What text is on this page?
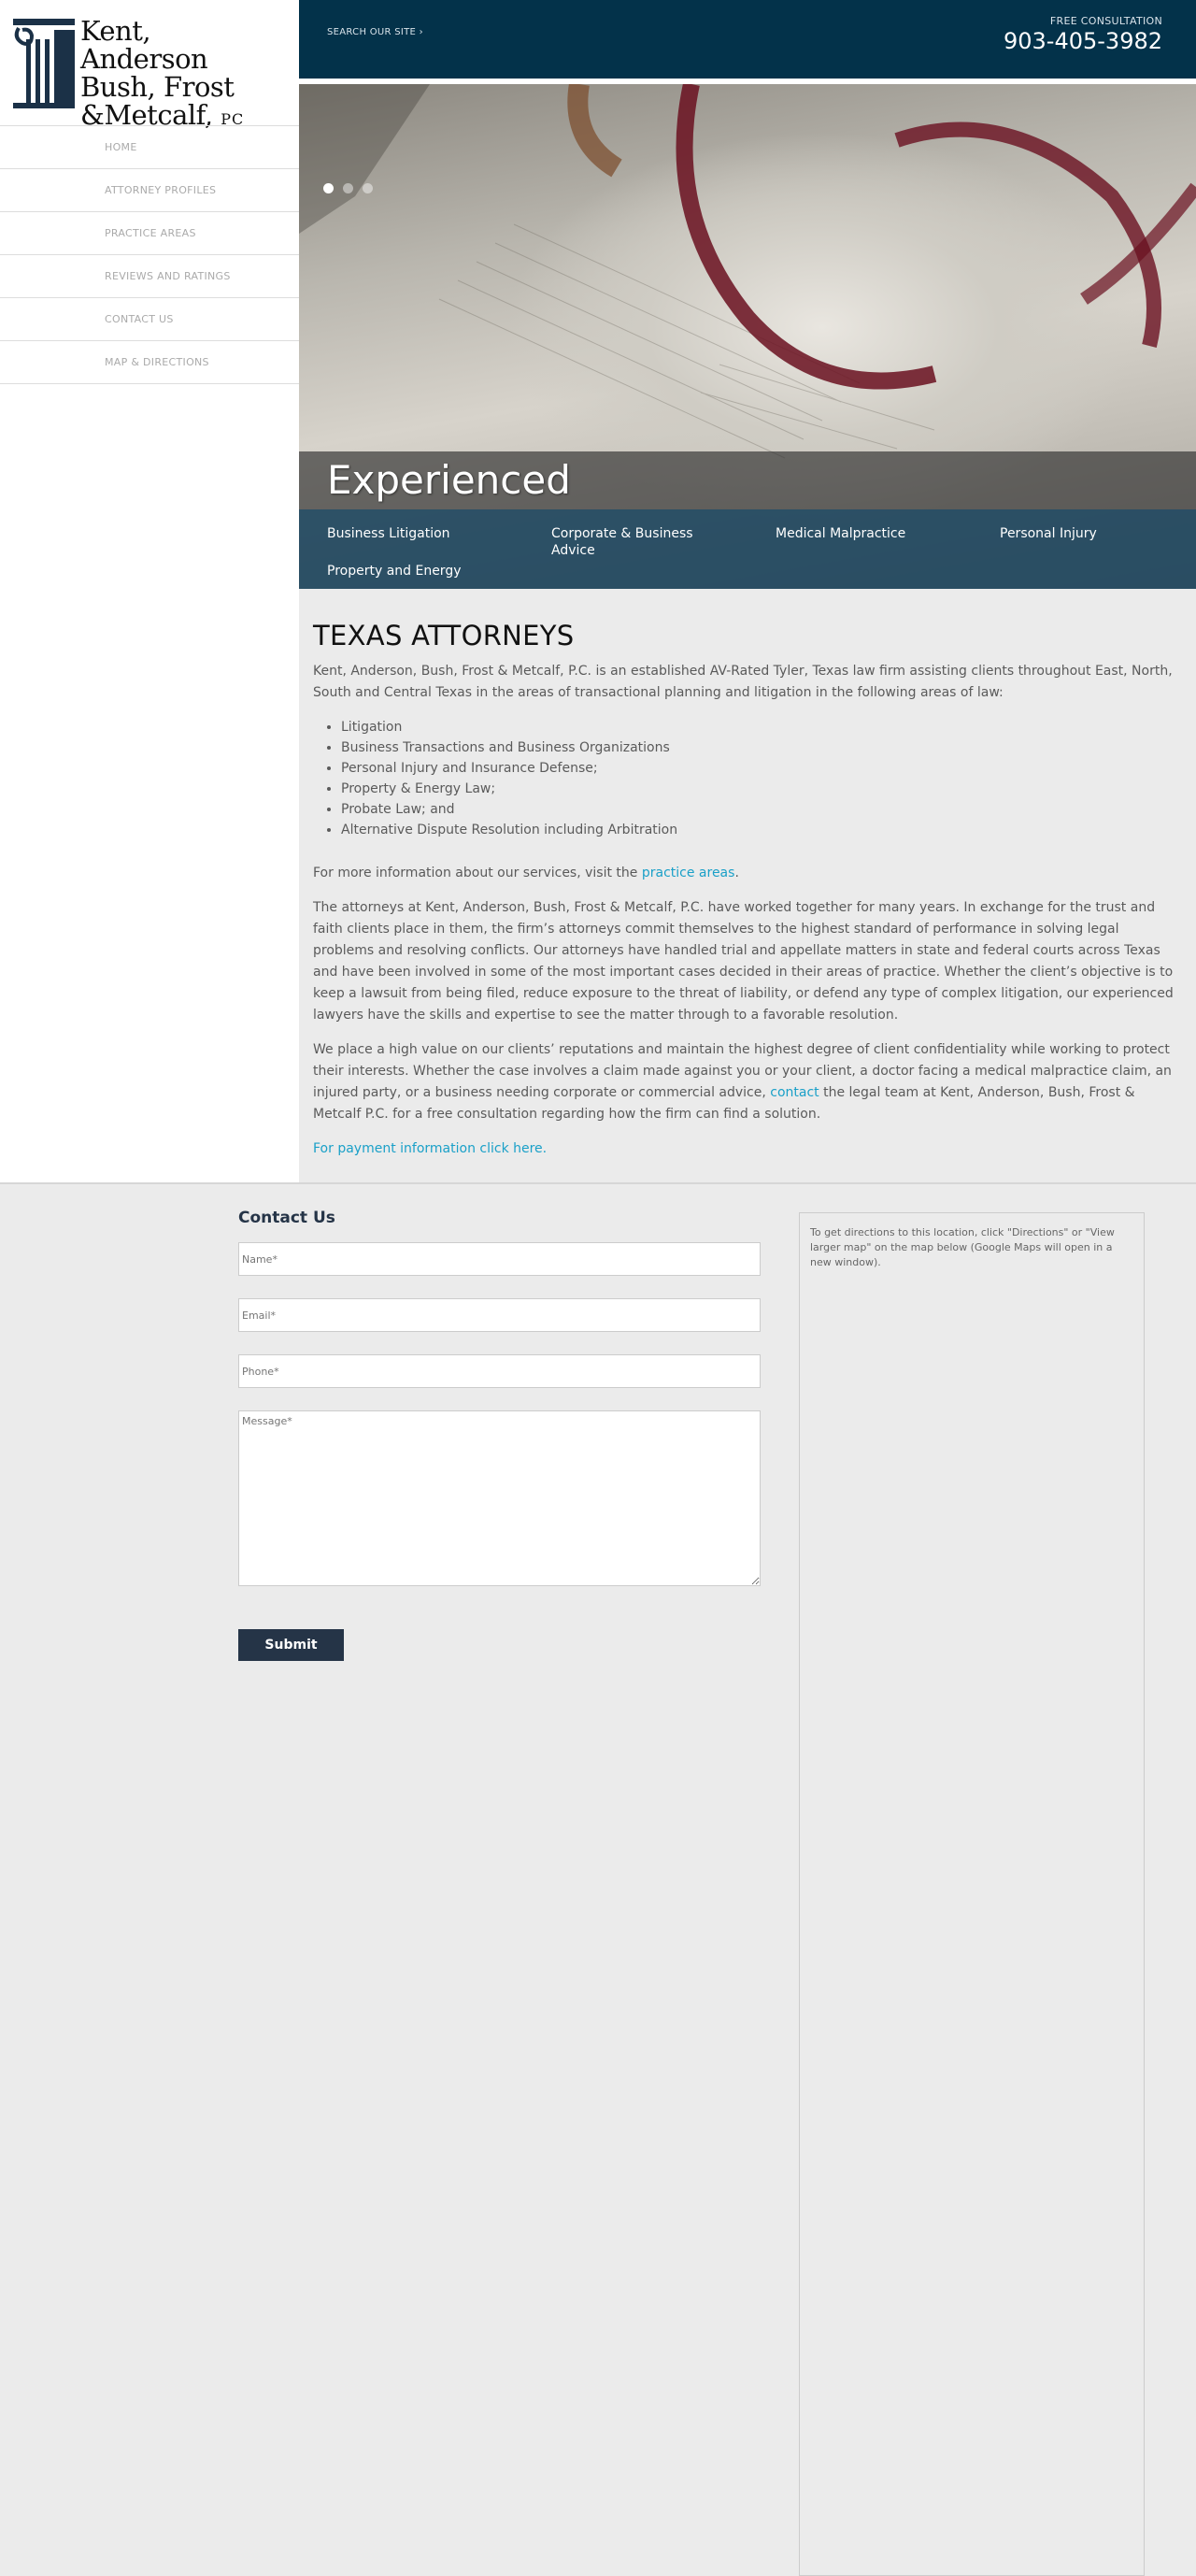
Kent, Anderson
Bush, Frost
&Metcalf, PC
HOME
ATTORNEY PROFILES
PRACTICE AREAS
REVIEWS AND RATINGS
CONTACT US
MAP & DIRECTIONS
SEARCH OUR SITE ›
FREE CONSULTATION
903-405-3982
Experienced
Business Litigation	Corporate & Business Advice
Medical Malpractice	Personal Injury
Property and Energy
TEXAS ATTORNEYS

Kent, Anderson, Bush, Frost & Metcalf, P.C. is an established AV-Rated Tyler, Texas law firm assisting clients throughout East, North, South and Central Texas in the areas of transactional planning and litigation in the following areas of law:

• Litigation
• Business Transactions and Business Organizations
• Personal Injury and Insurance Defense;
• Property & Energy Law;
• Probate Law; and
• Alternative Dispute Resolution including Arbitration

For more information about our services, visit the practice areas.

The attorneys at Kent, Anderson, Bush, Frost & Metcalf, P.C. have worked together for many years. In exchange for the trust and faith clients place in them, the firm’s attorneys commit themselves to the highest standard of performance in solving legal problems and resolving conflicts. Our attorneys have handled trial and appellate matters in state and federal courts across Texas and have been involved in some of the most important cases decided in their areas of practice. Whether the client’s objective is to keep a lawsuit from being filed, reduce exposure to the threat of liability, or defend any type of complex litigation, our experienced lawyers have the skills and expertise to see the matter through to a favorable resolution.

We place a high value on our clients’ reputations and maintain the highest degree of client confidentiality while working to protect their interests. Whether the case involves a claim made against you or your client, a doctor facing a medical malpractice claim, an injured party, or a business needing corporate or commercial advice, contact the legal team at Kent, Anderson, Bush, Frost & Metcalf P.C. for a free consultation regarding how the firm can find a solution.

For payment information click here.

Contact Us
Name*
Email*
Phone*
Message*
Submit
To get directions to this location, click "Directions" or "View larger map" on the map below (Google Maps will open in a new window).
